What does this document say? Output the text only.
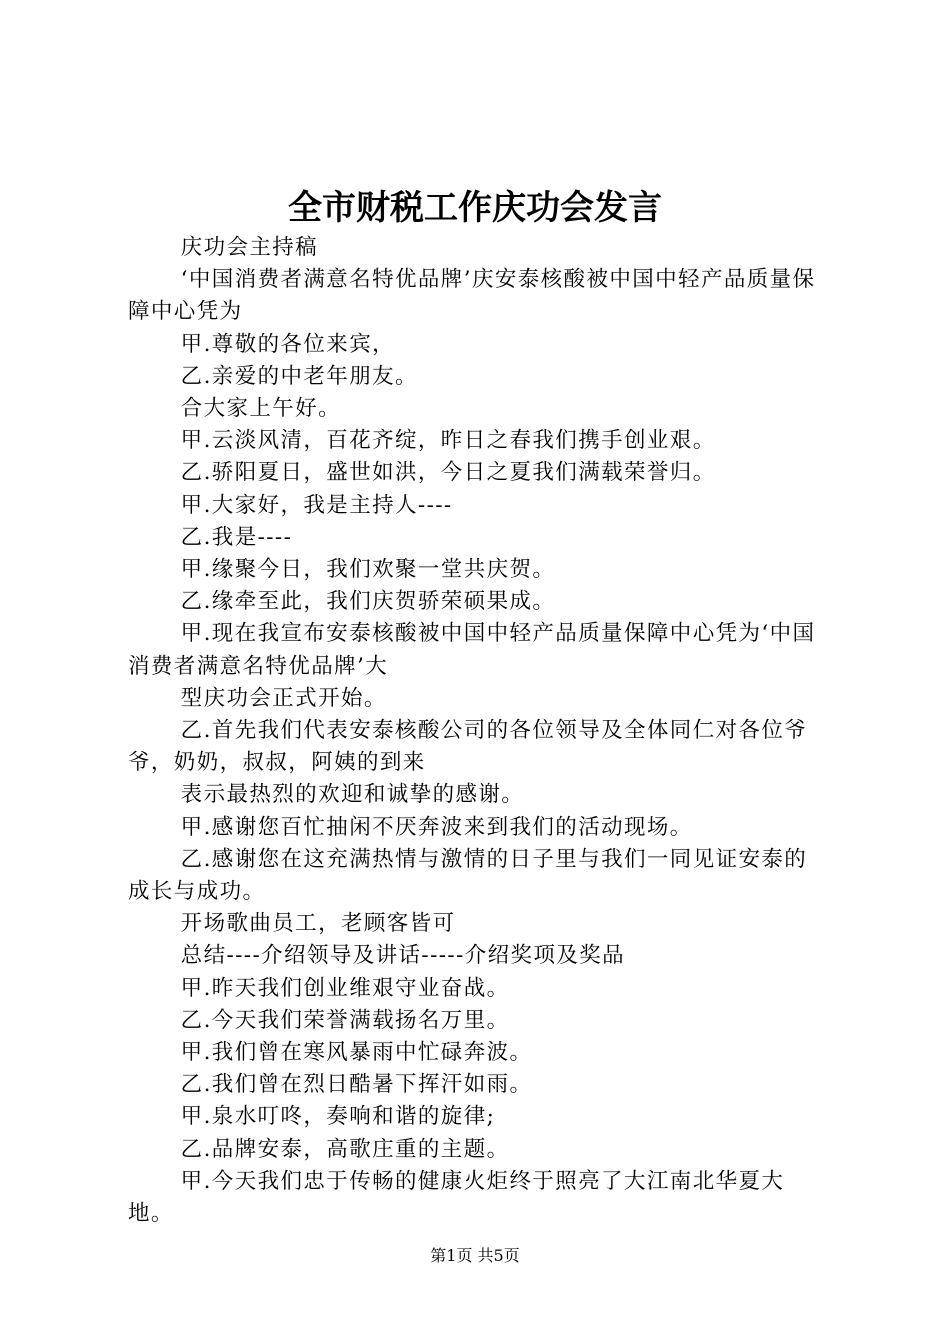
全市财税工作庆功会发言

庆功会主持稿

‘中国消费者满意名特优品牌’庆安泰核酸被中国中轻产品质量保障中心凭为

甲.尊敬的各位来宾，

乙.亲爱的中老年朋友。

合大家上午好。

甲.云淡风清，百花齐绽，昨日之春我们携手创业艰。

乙.骄阳夏日，盛世如洪，今日之夏我们满载荣誉归。

甲.大家好，我是主持人----

乙.我是----

甲.缘聚今日，我们欢聚一堂共庆贺。

乙.缘牵至此，我们庆贺骄荣硕果成。

甲.现在我宣布安泰核酸被中国中轻产品质量保障中心凭为‘中国消费者满意名特优品牌’大

型庆功会正式开始。

乙.首先我们代表安泰核酸公司的各位领导及全体同仁对各位爷爷，奶奶，叔叔，阿姨的到来

表示最热烈的欢迎和诚挚的感谢。

甲.感谢您百忙抽闲不厌奔波来到我们的活动现场。

乙.感谢您在这充满热情与激情的日子里与我们一同见证安泰的成长与成功。

开场歌曲员工，老顾客皆可

总结----介绍领导及讲话-----介绍奖项及奖品

甲.昨天我们创业维艰守业奋战。

乙.今天我们荣誉满载扬名万里。

甲.我们曾在寒风暴雨中忙碌奔波。

乙.我们曾在烈日酷暑下挥汗如雨。

甲.泉水叮咚，奏响和谐的旋律;

乙.品牌安泰，高歌庄重的主题。

甲.今天我们忠于传畅的健康火炬终于照亮了大江南北华夏大地。

第1页 共5页
